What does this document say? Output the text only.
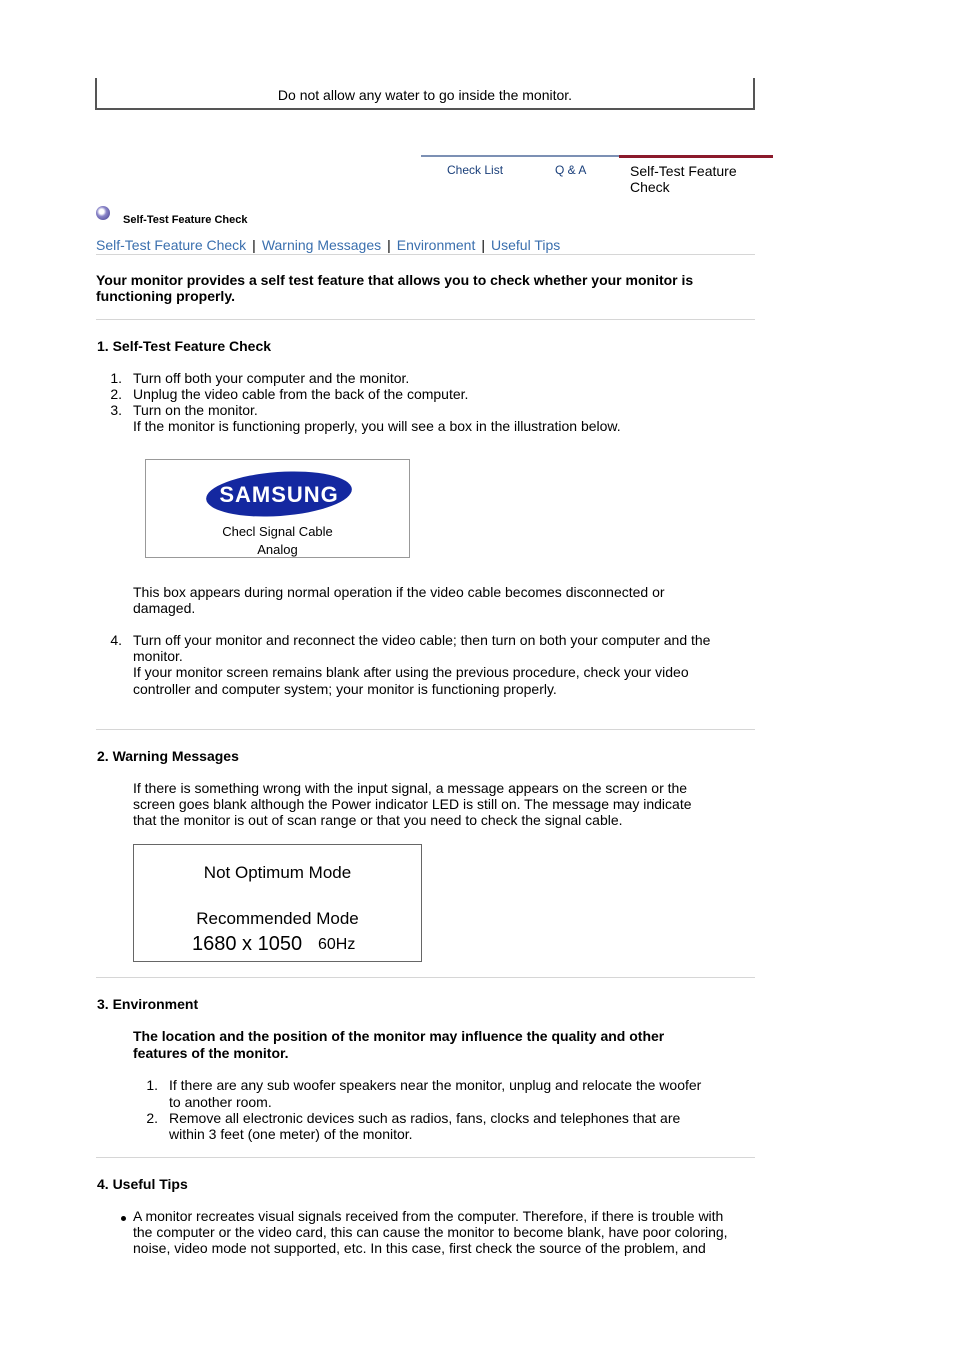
Do not allow any water to go inside the monitor.
Check List	Q & A	Self-Test Feature Check
Self-Test Feature Check
Self-Test Feature Check | Warning Messages | Environment | Useful Tips
Your monitor provides a self test feature that allows you to check whether your monitor is
functioning properly.
1. Self-Test Feature Check
1. Turn off both your computer and the monitor.
2. Unplug the video cable from the back of the computer.
3. Turn on the monitor.
If the monitor is functioning properly, you will see a box in the illustration below.
SAMSUNG
Checl Signal Cable
Analog
This box appears during normal operation if the video cable becomes disconnected or
damaged.
4. Turn off your monitor and reconnect the video cable; then turn on both your computer and the
monitor.
If your monitor screen remains blank after using the previous procedure, check your video
controller and computer system; your monitor is functioning properly.
2. Warning Messages
If there is something wrong with the input signal, a message appears on the screen or the
screen goes blank although the Power indicator LED is still on. The message may indicate
that the monitor is out of scan range or that you need to check the signal cable.
Not Optimum Mode
Recommended Mode
1680 x 1050 60Hz
3. Environment
The location and the position of the monitor may influence the quality and other
features of the monitor.
1. If there are any sub woofer speakers near the monitor, unplug and relocate the woofer
to another room.
2. Remove all electronic devices such as radios, fans, clocks and telephones that are
within 3 feet (one meter) of the monitor.
4. Useful Tips
A monitor recreates visual signals received from the computer. Therefore, if there is trouble with
the computer or the video card, this can cause the monitor to become blank, have poor coloring,
noise, video mode not supported, etc. In this case, first check the source of the problem, and
